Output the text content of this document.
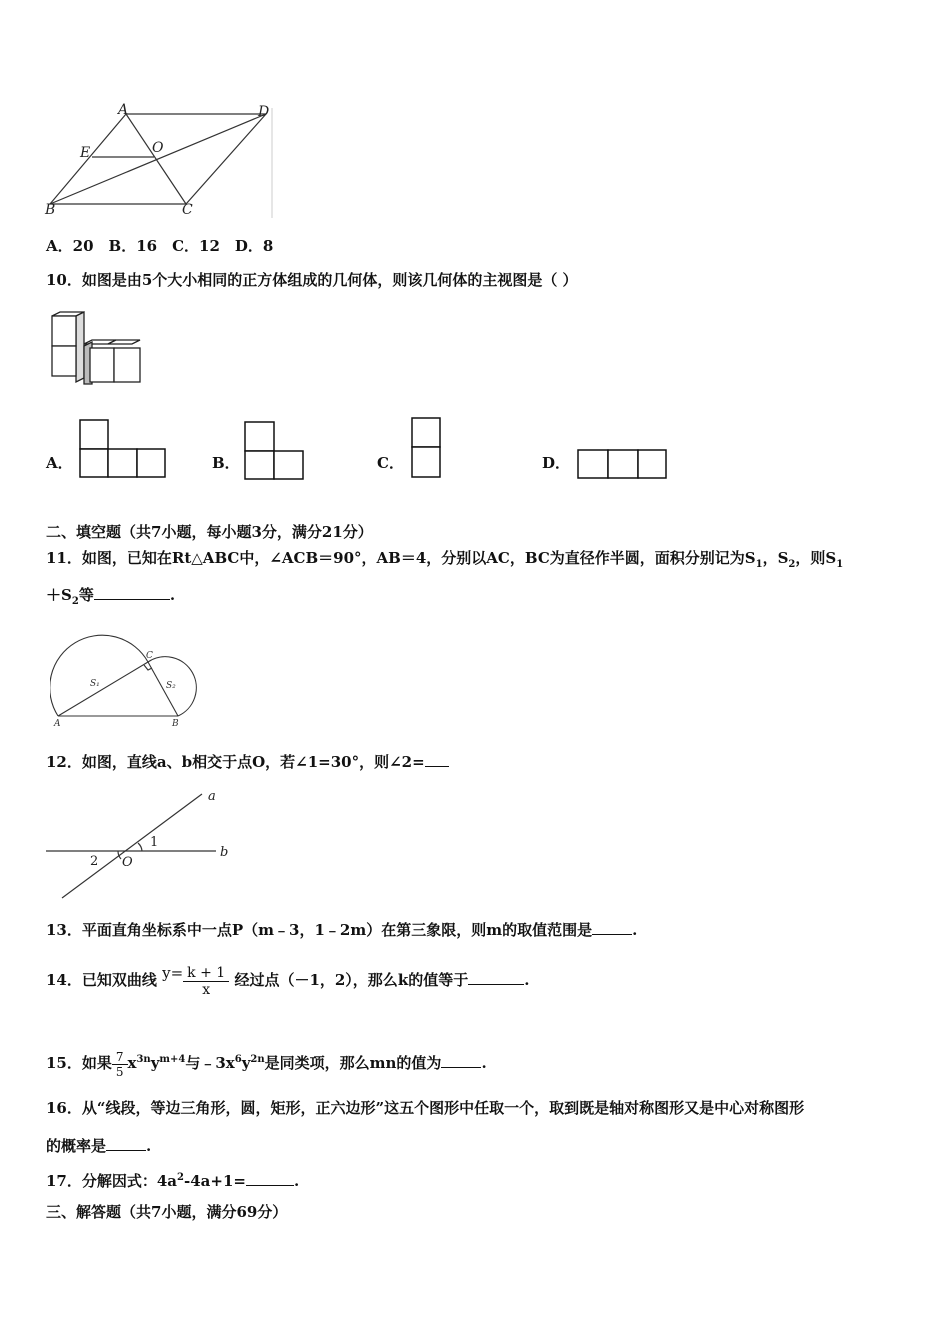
A	D
E	O
B	C
A．20　B．16　C．12　D．8
10．如图是由5个大小相同的正方体组成的几何体，则该几何体的主视图是（ ）
A．	B．	C．	D．
二、填空题（共7小题，每小题3分，满分21分）
11．如图，已知在Rt△ABC中，∠ACB＝90°，AB＝4，分别以AC，BC为直径作半圆，面积分别记为$S_1$，$S_2$，则$S_1$
$+S_2$等	.
A	B
C
S₁	S₂
12．如图，直线a、b相交于点O，若∠1=30°，则∠2=
a
b
1
2 O
13．平面直角坐标系中一点P（m﹣3，1﹣2m）在第三象限，则m的取值范围是	.
14．已知双曲线 $y= \frac{k + 1}{x}$ 经过点（－1，2），那么k的值等于	.
15．如果 $\frac{7}{5} x^{3n}y^{m+4}$与$﹣3x^6y^{2n}$是同类项，那么mn的值为	.
16．从“线段，等边三角形，圆，矩形，正六边形”这五个图形中任取一个，取到既是轴对称图形又是中心对称图形
的概率是	.
17．分解因式：$4a^2-4a+1=$	.
三、解答题（共7小题，满分69分）
